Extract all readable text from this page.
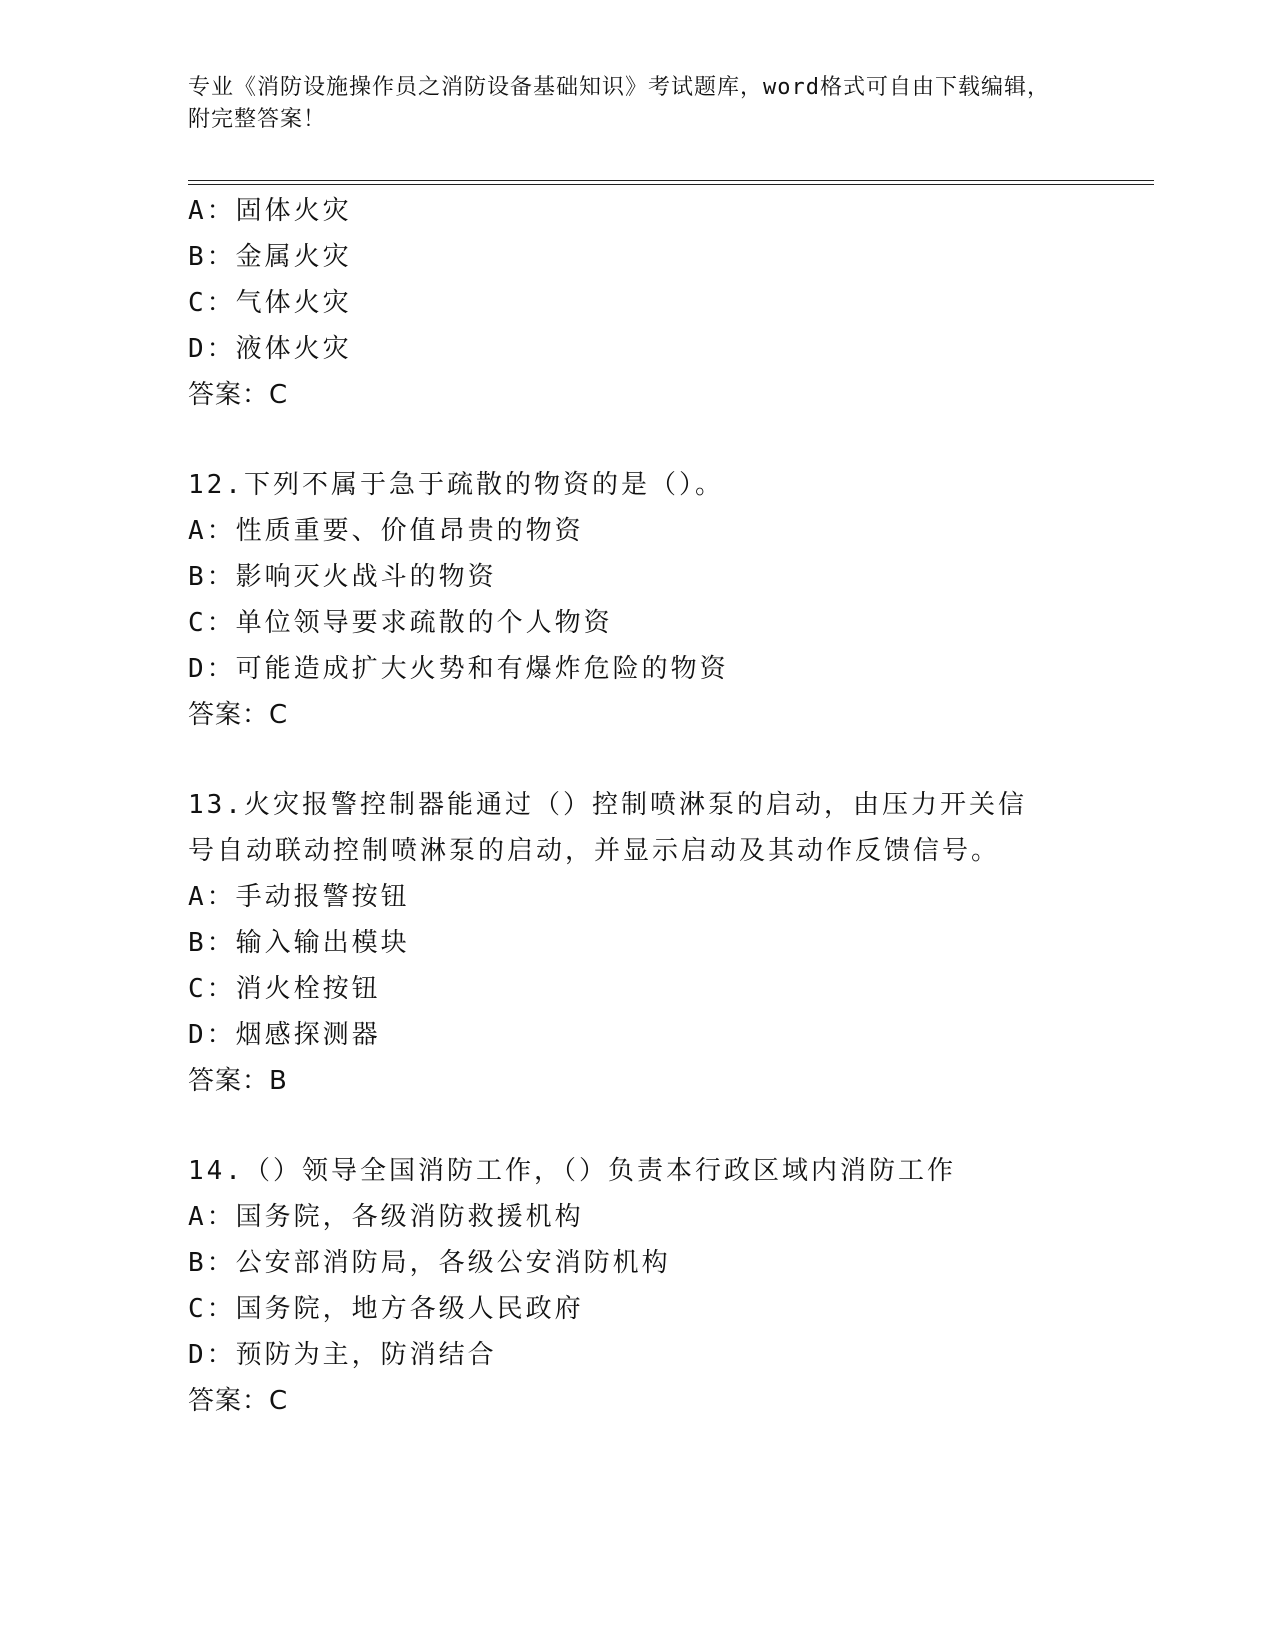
专业《消防设施操作员之消防设备基础知识》考试题库，word格式可自由下载编辑，附完整答案！
A：固体火灾
B：金属火灾
C：气体火灾
D：液体火灾
答案：C
12.下列不属于急于疏散的物资的是（）。
A：性质重要、价值昂贵的物资
B：影响灭火战斗的物资
C：单位领导要求疏散的个人物资
D：可能造成扩大火势和有爆炸危险的物资
答案：C
13.火灾报警控制器能通过（）控制喷淋泵的启动，由压力开关信号自动联动控制喷淋泵的启动，并显示启动及其动作反馈信号。
A：手动报警按钮
B：输入输出模块
C：消火栓按钮
D：烟感探测器
答案：B
14.（）领导全国消防工作，（）负责本行政区域内消防工作
A：国务院，各级消防救援机构
B：公安部消防局，各级公安消防机构
C：国务院，地方各级人民政府
D：预防为主，防消结合
答案：C
